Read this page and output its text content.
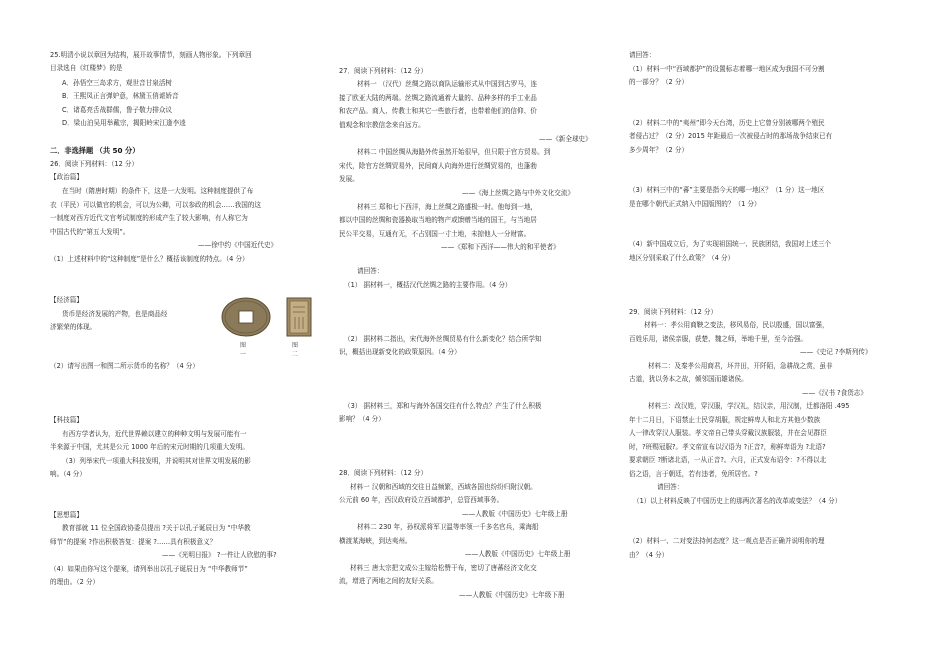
25.明清小说以章回为结构，展开故事情节，刻画人物形象。下列章回
目录选自《红楼梦》的是
A．孙悟空三岛求方，观世音甘泉活树
B．王熙凤正言弹妒意，林黛玉俏谑娇音
C．诸葛亮舌战群儒，鲁子敬力排众议
D．梁山泊吴用举戴宗，揭阳岭宋江逢李逵
二．非选择题 （共 50 分）
26．阅读下列材料：（12 分）
【政治篇】
在当时（隋唐时期）的条件下，这是一大发明。这种制度提供了布
衣（平民）可以做官的机会，可以为公卿，可以参政的机会……我国的这
一制度对西方近代文官考试制度的形成产生了较大影响，有人称它为
中国古代的“第五大发明”。
——徐中约《中国近代史》
（1）上述材料中的“这种制度”是什么？概括该制度的特点。（4 分）
【经济篇】
货币是经济发展的产物，也是商品经
济繁荣的体现。
图一
图二
（2）请写出图一和图二所示货币的名称？（4 分）
【科技篇】
有西方学者认为，近代世界赖以建立的种种文明与发展可能有一
半来源于中国，尤其是公元 1000 年后的宋元时期的几项重大发明。
（3）列举宋代一项重大科技发明，并说明其对世界文明发展的影
响。（4 分）
【思想篇】
教育部就 11 位全国政协委员提出 ?关于以孔子诞辰日为 “中华教
师节”的提案 ?作出积极答复：提案 ?……具有积极意义？
——《光明日报》 ?一件让人欣慰的事?
（4）如果由你写这个提案，请列举出以孔子诞辰日为 “中华教师节”
的理由。（2 分）
27．阅读下列材料：（12 分）
材料一 （汉代）丝绸之路以商队运输形式从中国到古罗马，连
接了欧亚大陆的两端。丝绸之路流通着大量的、品种多样的手工业品
和农产品。商人、传教士和其它一些旅行者，也带着他们的信仰、价
值观念和宗教信念来自远方。
——《新全球史》
材料二 中国丝绸从海路外传虽然开始很早，但只限于官方贸易。到
宋代，除官方丝绸贸易外，民间商人向海外进行丝绸贸易的，也蓬勃
发展。
——《海上丝绸之路与中外文化交流》
材料三 郑和七下西洋，海上丝绸之路盛极一时。他每到一地，
都以中国的丝绸和瓷器换取当地的物产或馈赠当地的国王，与当地居
民公平交易，互通有无，不占别国一寸土地，未掠他人一分财富。
——《郑和下西洋——伟大的和平使者》
请回答：
（1） 据材料一，概括汉代丝绸之路的主要作用。（4 分）
（2） 据材料二指出，宋代海外丝绸贸易有什么新变化？结合所学知
识，概括出现新变化的政策原因。（4 分）
（3） 据材料三，郑和与海外各国交往有什么特点？产生了什么积极
影响？（4 分）
28．阅读下列材料：（12 分）
材料一 汉朝和西域的交往日益频繁，西域各国也纷纷归附汉朝。
公元前 60 年，西汉政府设立西域都护，总管西域事务。
——人教版《中国历史》七年级上册
材料二 230 年，孙权派将军卫温等率领一千多名官兵，乘海船
横渡某海峡，到达夷州。
——人教版《中国历史》七年级上册
材料三 唐太宗把文成公主嫁给松赞干布，密切了唐蕃经济文化交
流，增进了两地之间的友好关系。
——人教版《中国历史》七年级下册
请回答：
（1）材料一中“西域都护”的设置标志着哪一地区成为我国不可分割
的一部分？（2 分）
（2）材料二中的“夷州”即今天台湾，历史上它曾分别被哪两个殖民
者侵占过？（2 分）2015 年距最后一次被侵占时的那场战争结束已有
多少周年？（2 分）
（3）材料三中的“蕃”主要是指今天的哪一地区？（1 分）这一地区
是在哪个朝代正式纳入中国版图的？（1 分）
（4）新中国成立后，为了实现祖国统一、民族团结，我国对上述三个
地区分别采取了什么政策？（4 分）
29．阅读下列材料：（12 分）
材料一：孝公用商鞅之变法，移风易俗，民以殷盛，国以富强，
百姓乐用，诸侯亲服，获楚、魏之师，举地千里，至今治强。
——《史记 ?李斯列传》
材料二：及秦孝公用商君，坏井田，开阡陌，急耕战之赏，虽非
古道，犹以务本之故，倾邻国而雄诸侯。
——《汉书 ?食货志》
材料三：改汉姓，穿汉服，学汉礼，结汉亲，用汉制，迁都洛阳 .495
年十二月日，下诏禁止士民穿胡服，规定鲜卑人和北方其他少数族
人一律改穿汉人服装。孝文帝自己带头穿戴汉族服装，并在会见群臣
时，?班赐冠服?。孝文帝宣布以汉语为 ?正音?，称鲜卑语为 ?北语?
要求朝臣 ?断诸北语，一从正音?。六月，正式发布诏令：?不得以北
俗之语，言于朝廷，若有违者，免所居官。?
请回答：
（1）以上材料反映了中国历史上的那两次著名的改革或变法？（4 分）
（2）材料一、二对变法持何态度？这一观点是否正确并说明你的理
由？（4 分）
